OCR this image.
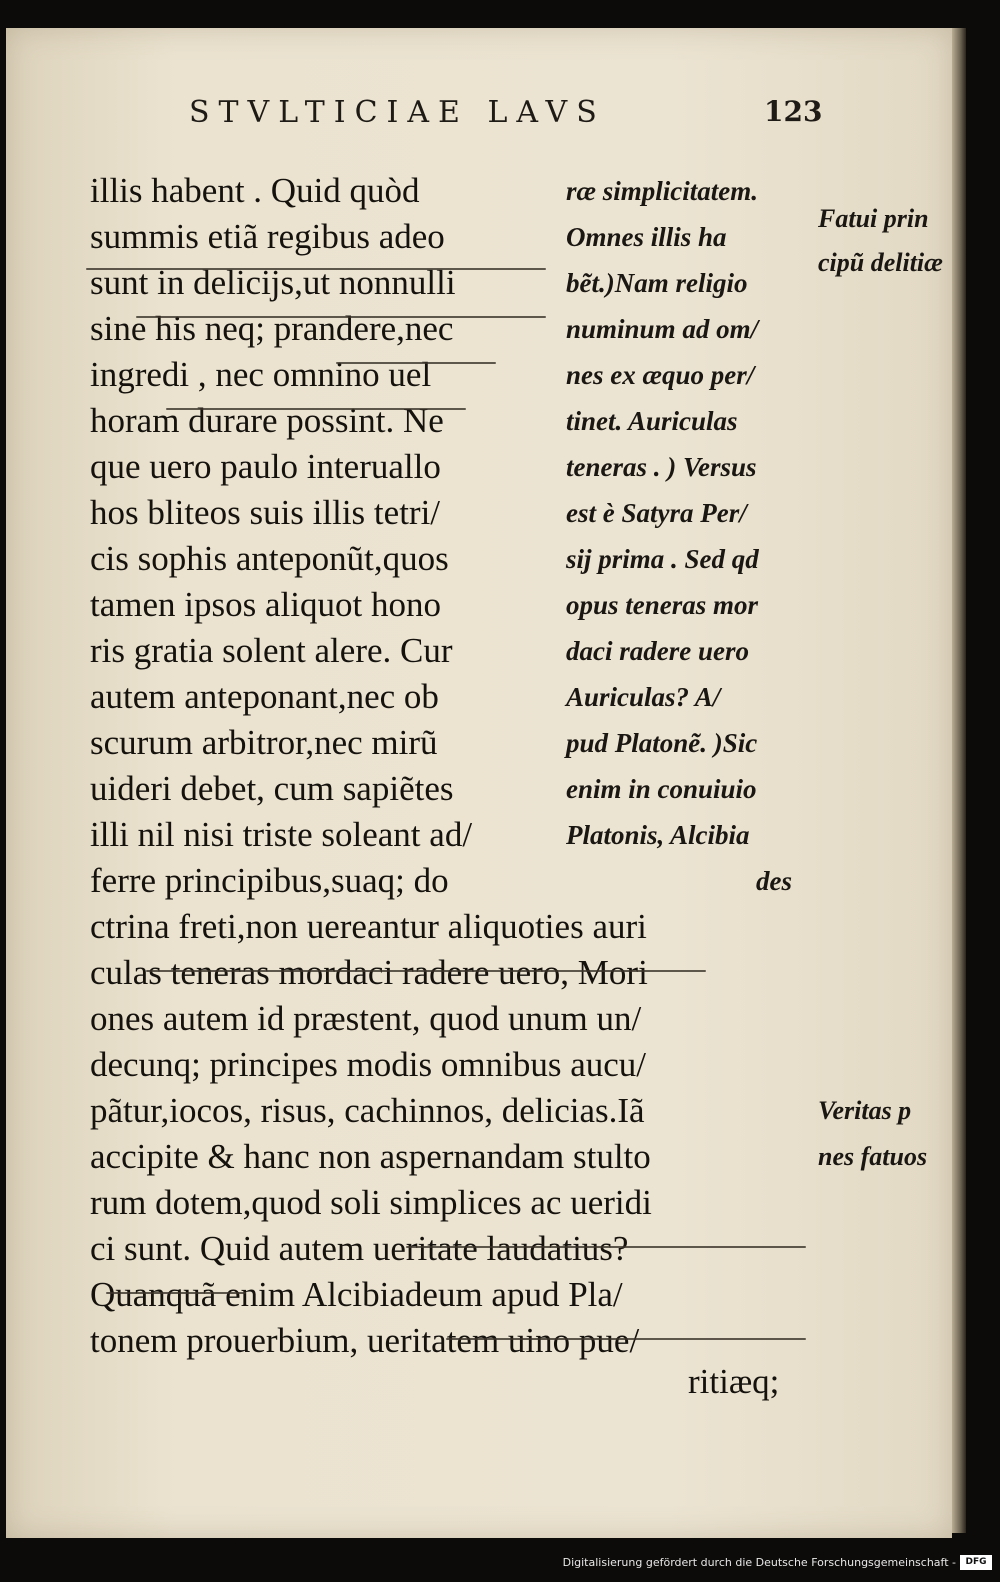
STVLTICIAE LAVS	123
illis habent . Quid quòd
summis etiã regibus adeo
sunt in delicijs,ut nonnulli
sine his neq; prandere,nec
ingredi , nec omnino uel
horam durare possint. Ne
que uero paulo interuallo
hos bliteos suis illis tetri/
cis sophis anteponũt,quos
tamen ipsos aliquot hono
ris gratia solent alere. Cur
autem anteponant,nec ob
scurum arbitror,nec mirũ
uideri debet, cum sapiẽtes
illi nil nisi triste soleant ad/
ferre principibus,suaq; do
ctrina freti,non uereantur aliquoties auri
culas teneras mordaci radere uero, Mori
ones autem id præstent, quod unum un/
decunq; principes modis omnibus aucu/
pãtur,iocos, risus, cachinnos, delicias.Iã
accipite & hanc non aspernandam stulto
rum dotem,quod soli simplices ac ueridi
ci sunt. Quid autem ueritate laudatius?
Quanquã enim Alcibiadeum apud Pla/
tonem prouerbium, ueritatem uino pue/
ræ simplicitatem.
Omnes illis ha
bẽt.)Nam religio
numinum ad om/
nes ex æquo per/
tinet. Auriculas
teneras . ) Versus
est è Satyra Per/
sij prima . Sed qd
opus teneras mor
daci radere uero
Auriculas? A/
pud Platonẽ. )Sic
enim in conuiuio
Platonis, Alcibia
des
Fatui prin
cipũ delitiæ
Veritas p
nes fatuos
ritiæq;
Digitalisierung gefördert durch die Deutsche Forschungsgemeinschaft -	DFG
